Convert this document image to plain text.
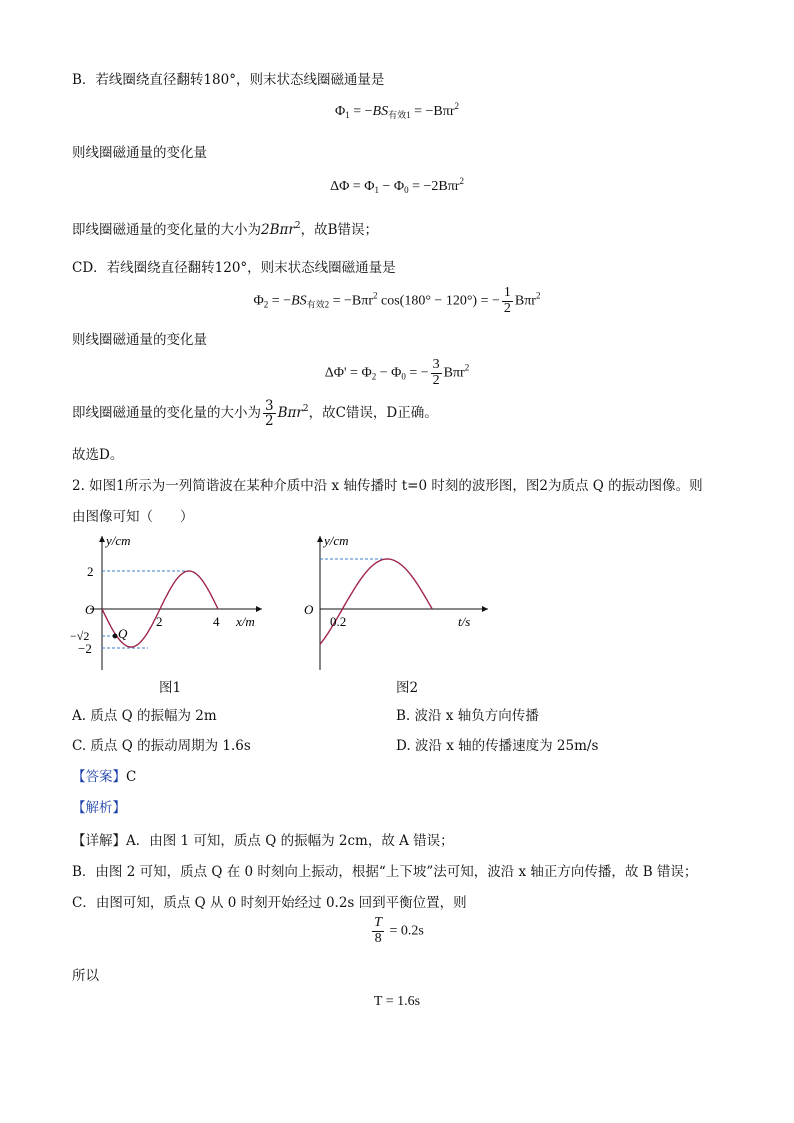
B．若线圈绕直径翻转180°，则末状态线圈磁通量是
$\Phi_1 = -BS_{有效1} = -B\pi r^2$
则线圈磁通量的变化量
$\Delta\Phi = \Phi_1 - \Phi_0 = -2B\pi r^2$
即线圈磁通量的变化量的大小为2Bπr$^2$，故B错误；
CD．若线圈绕直径翻转120°，则末状态线圈磁通量是
$\Phi_2 = -BS_{有效2} = -B\pi r^2$ cos(180° − 120°) = − $\frac{1}{2} B\pi r^2$
则线圈磁通量的变化量
$\Delta\Phi' = \Phi_2 - \Phi_0$ = − $\frac{3}{2} B\pi r^2$
即线圈磁通量的变化量的大小为 $\frac{3}{2} B\pi r^2$，故C错误，D正确。
故选D。
2. 如图1所示为一列简谐波在某种介质中沿 x 轴传播时 t=0 时刻的波形图，图2为质点 Q 的振动图像。则
由图像可知（　　）
y/cm
O
2
−2
−√2
2	4 x/m
Q
图1
y/cm
O
0.2	t/s
图2
A. 质点 Q 的振幅为 2m	B. 波沿 x 轴负方向传播
C. 质点 Q 的振动周期为 1.6s	D. 波沿 x 轴的传播速度为 25m/s
【答案】C
【解析】
【详解】A．由图 1 可知，质点 Q 的振幅为 2cm，故 A 错误；
B．由图 2 可知，质点 Q 在 0 时刻向上振动，根据“上下坡”法可知，波沿 x 轴正方向传播，故 B 错误；
C．由图可知，质点 Q 从 0 时刻开始经过 0.2s 回到平衡位置，则
$\frac{T}{8} = 0.2s$
所以
T = 1.6s
